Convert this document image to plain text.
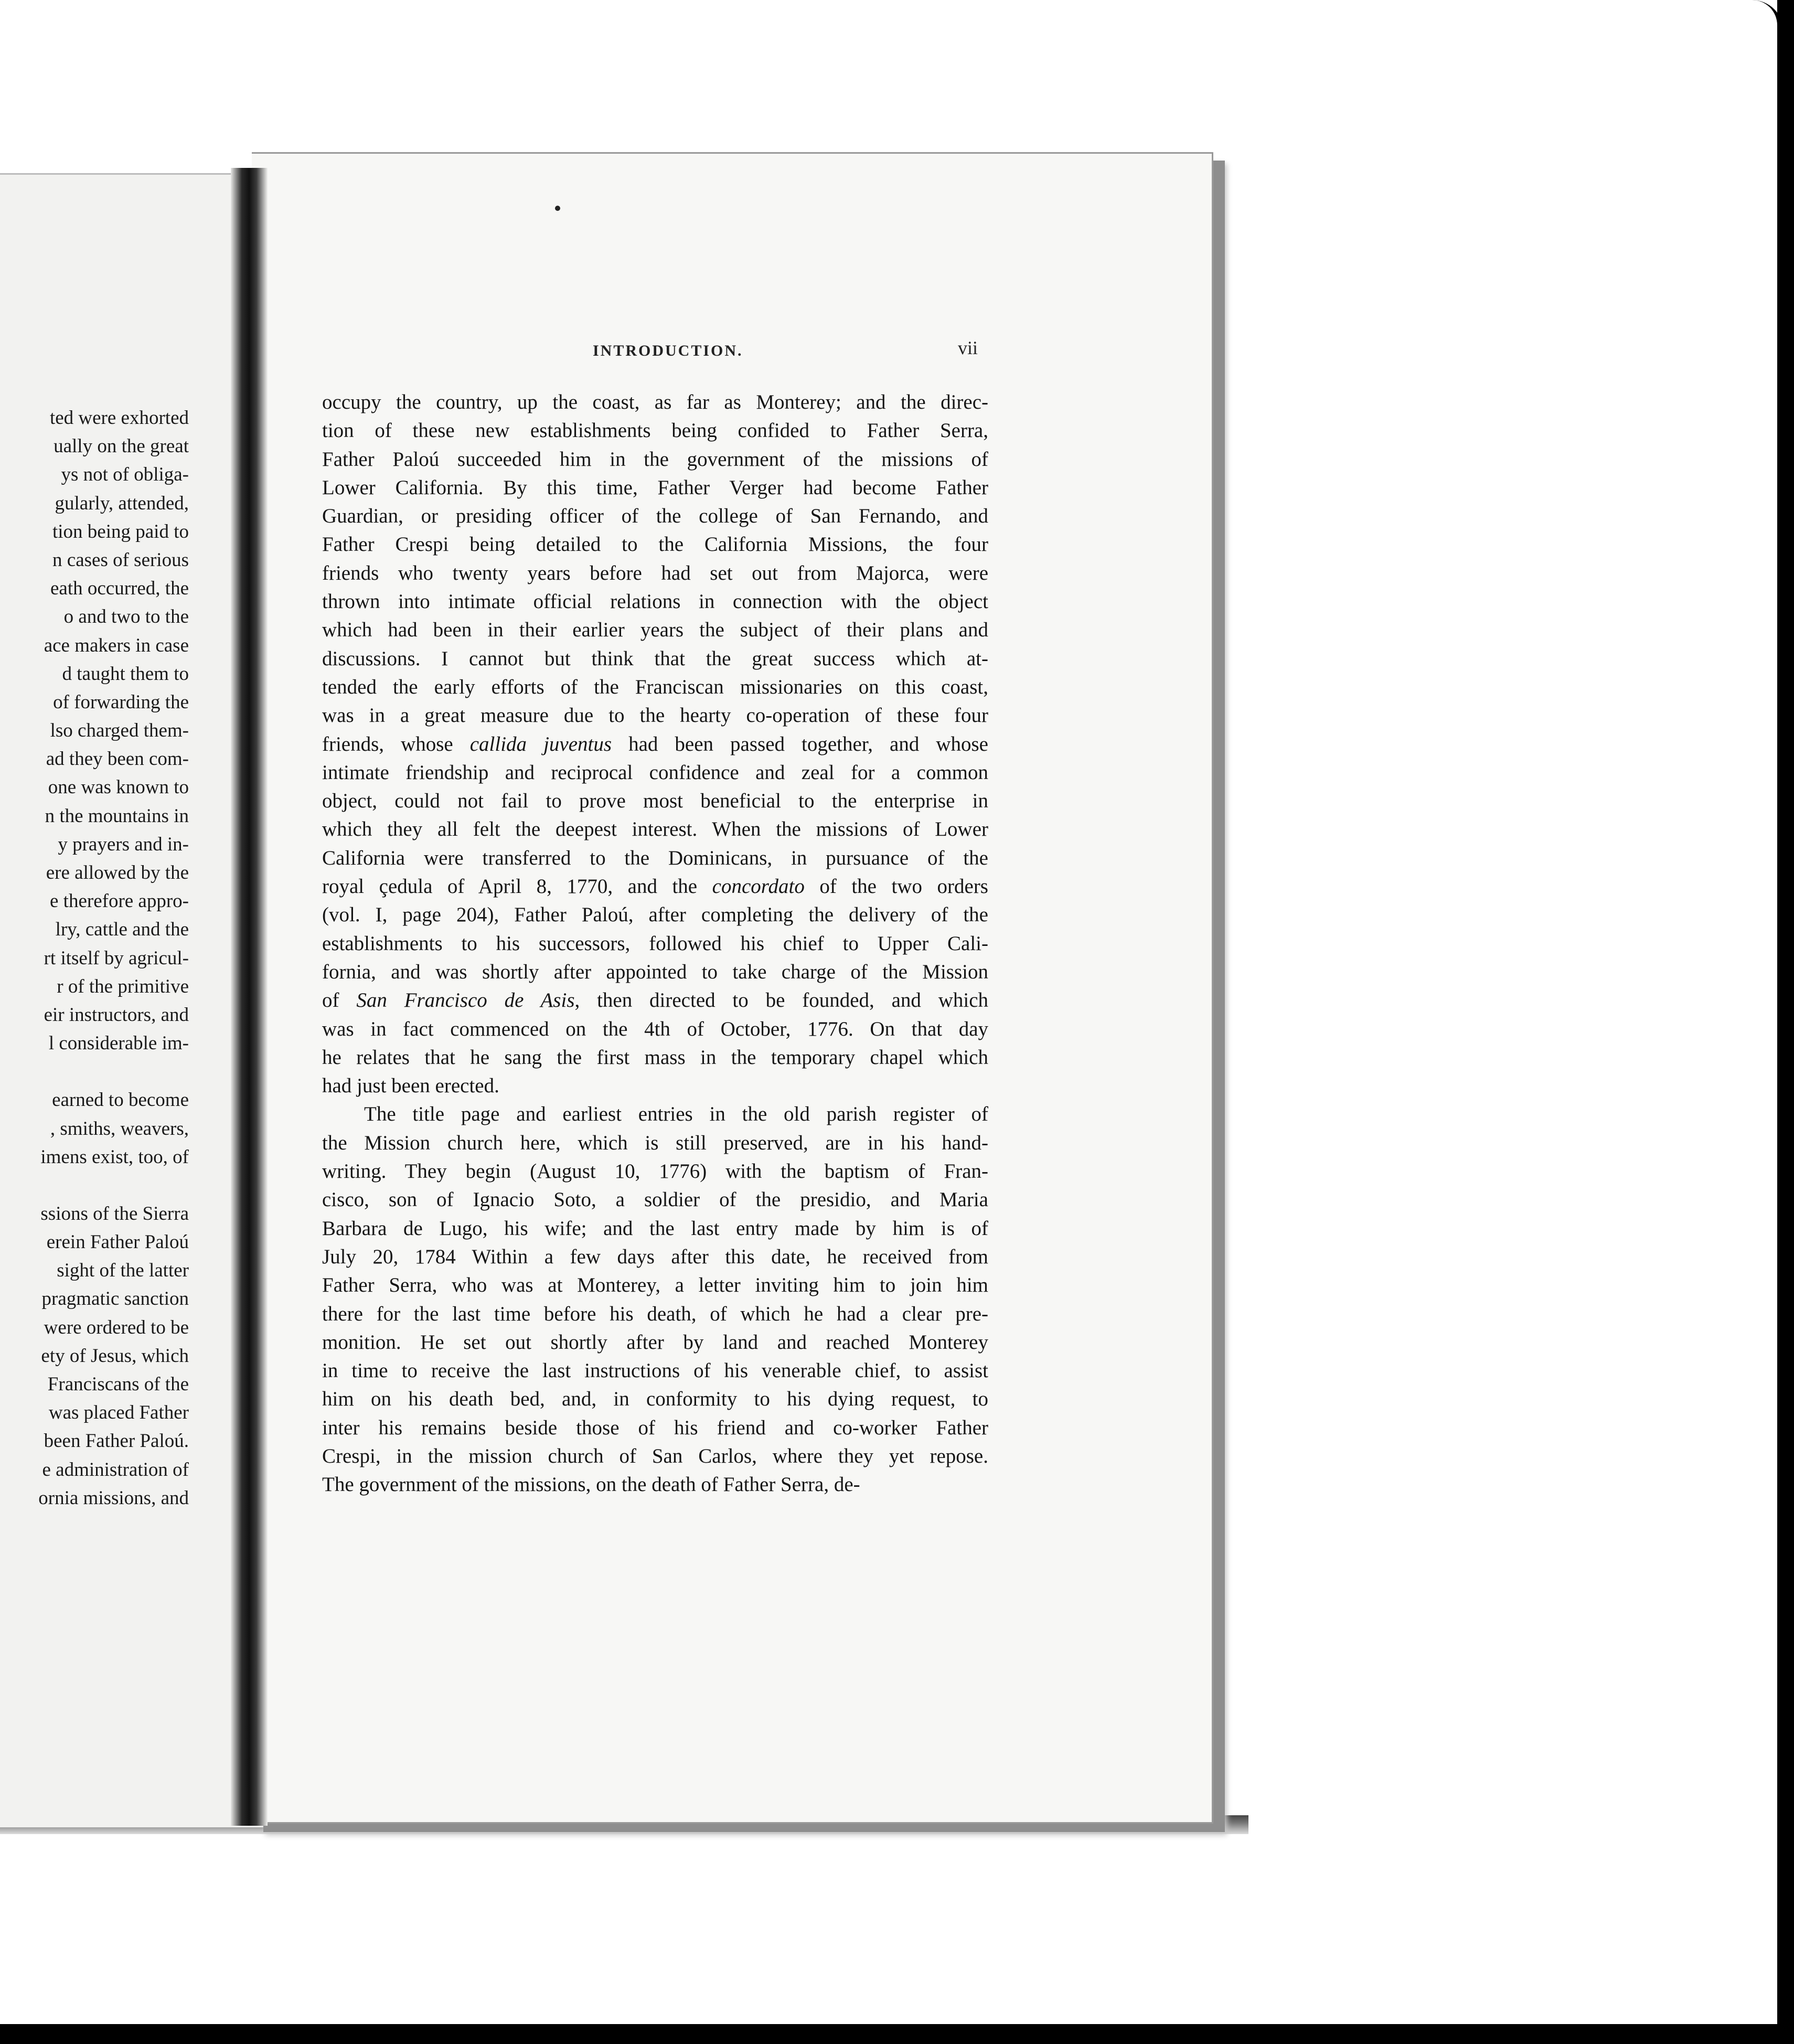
ted were exhorted
ually on the great
ys not of obliga-
gularly, attended,
tion being paid to
n cases of serious
eath occurred, the
o and two to the
ace makers in case
d taught them to
of forwarding the
lso charged them-
ad they been com-
one was known to
n the mountains in
y prayers and in-
ere allowed by the
e therefore appro-
lry, cattle and the
rt itself by agricul-
r of the primitive
eir instructors, and
l considerable im-
earned to become
, smiths, weavers,
imens exist, too, of
ssions of the Sierra
erein Father Paloú
sight of the latter
pragmatic sanction
were ordered to be
ety of Jesus, which
Franciscans of the
was placed Father
been Father Paloú.
e administration of
ornia missions, and
INTRODUCTION.	vii
occupy the country, up the coast, as far as Monterey; and the direc-
tion of these new establishments being confided to Father Serra,
Father Paloú succeeded him in the government of the missions of
Lower California. By this time, Father Verger had become Father
Guardian, or presiding officer of the college of San Fernando, and
Father Crespi being detailed to the California Missions, the four
friends who twenty years before had set out from Majorca, were
thrown into intimate official relations in connection with the object
which had been in their earlier years the subject of their plans and
discussions. I cannot but think that the great success which at-
tended the early efforts of the Franciscan missionaries on this coast,
was in a great measure due to the hearty co-operation of these four
friends, whose callida juventus had been passed together, and whose
intimate friendship and reciprocal confidence and zeal for a common
object, could not fail to prove most beneficial to the enterprise in
which they all felt the deepest interest. When the missions of Lower
California were transferred to the Dominicans, in pursuance of the
royal çedula of April 8, 1770, and the concordato of the two orders
(vol. I, page 204), Father Paloú, after completing the delivery of the
establishments to his successors, followed his chief to Upper Cali-
fornia, and was shortly after appointed to take charge of the Mission
of San Francisco de Asis, then directed to be founded, and which
was in fact commenced on the 4th of October, 1776. On that day
he relates that he sang the first mass in the temporary chapel which
had just been erected.
The title page and earliest entries in the old parish register of
the Mission church here, which is still preserved, are in his hand-
writing. They begin (August 10, 1776) with the baptism of Fran-
cisco, son of Ignacio Soto, a soldier of the presidio, and Maria
Barbara de Lugo, his wife; and the last entry made by him is of
July 20, 1784 Within a few days after this date, he received from
Father Serra, who was at Monterey, a letter inviting him to join him
there for the last time before his death, of which he had a clear pre-
monition. He set out shortly after by land and reached Monterey
in time to receive the last instructions of his venerable chief, to assist
him on his death bed, and, in conformity to his dying request, to
inter his remains beside those of his friend and co-worker Father
Crespi, in the mission church of San Carlos, where they yet repose.
The government of the missions, on the death of Father Serra, de-
